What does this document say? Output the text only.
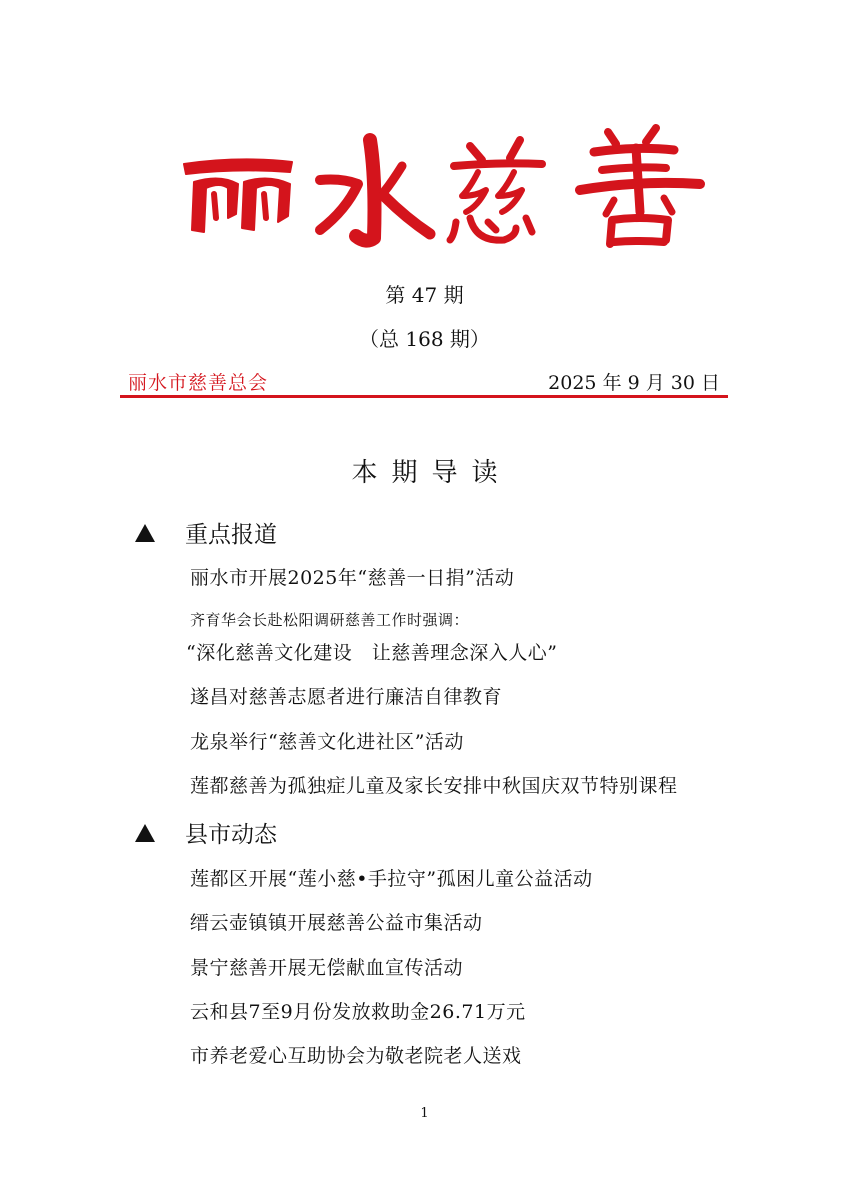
第 47 期
（总 168 期）
丽水市慈善总会	2025 年 9 月 30 日
本期导读
重点报道
丽水市开展2025年“慈善一日捐”活动
齐育华会长赴松阳调研慈善工作时强调：
“深化慈善文化建设　让慈善理念深入人心”
遂昌对慈善志愿者进行廉洁自律教育
龙泉举行“慈善文化进社区”活动
莲都慈善为孤独症儿童及家长安排中秋国庆双节特别课程
县市动态
莲都区开展“莲小慈•手拉守”孤困儿童公益活动
缙云壶镇镇开展慈善公益市集活动
景宁慈善开展无偿献血宣传活动
云和县7至9月份发放救助金26.71万元
市养老爱心互助协会为敬老院老人送戏
1
